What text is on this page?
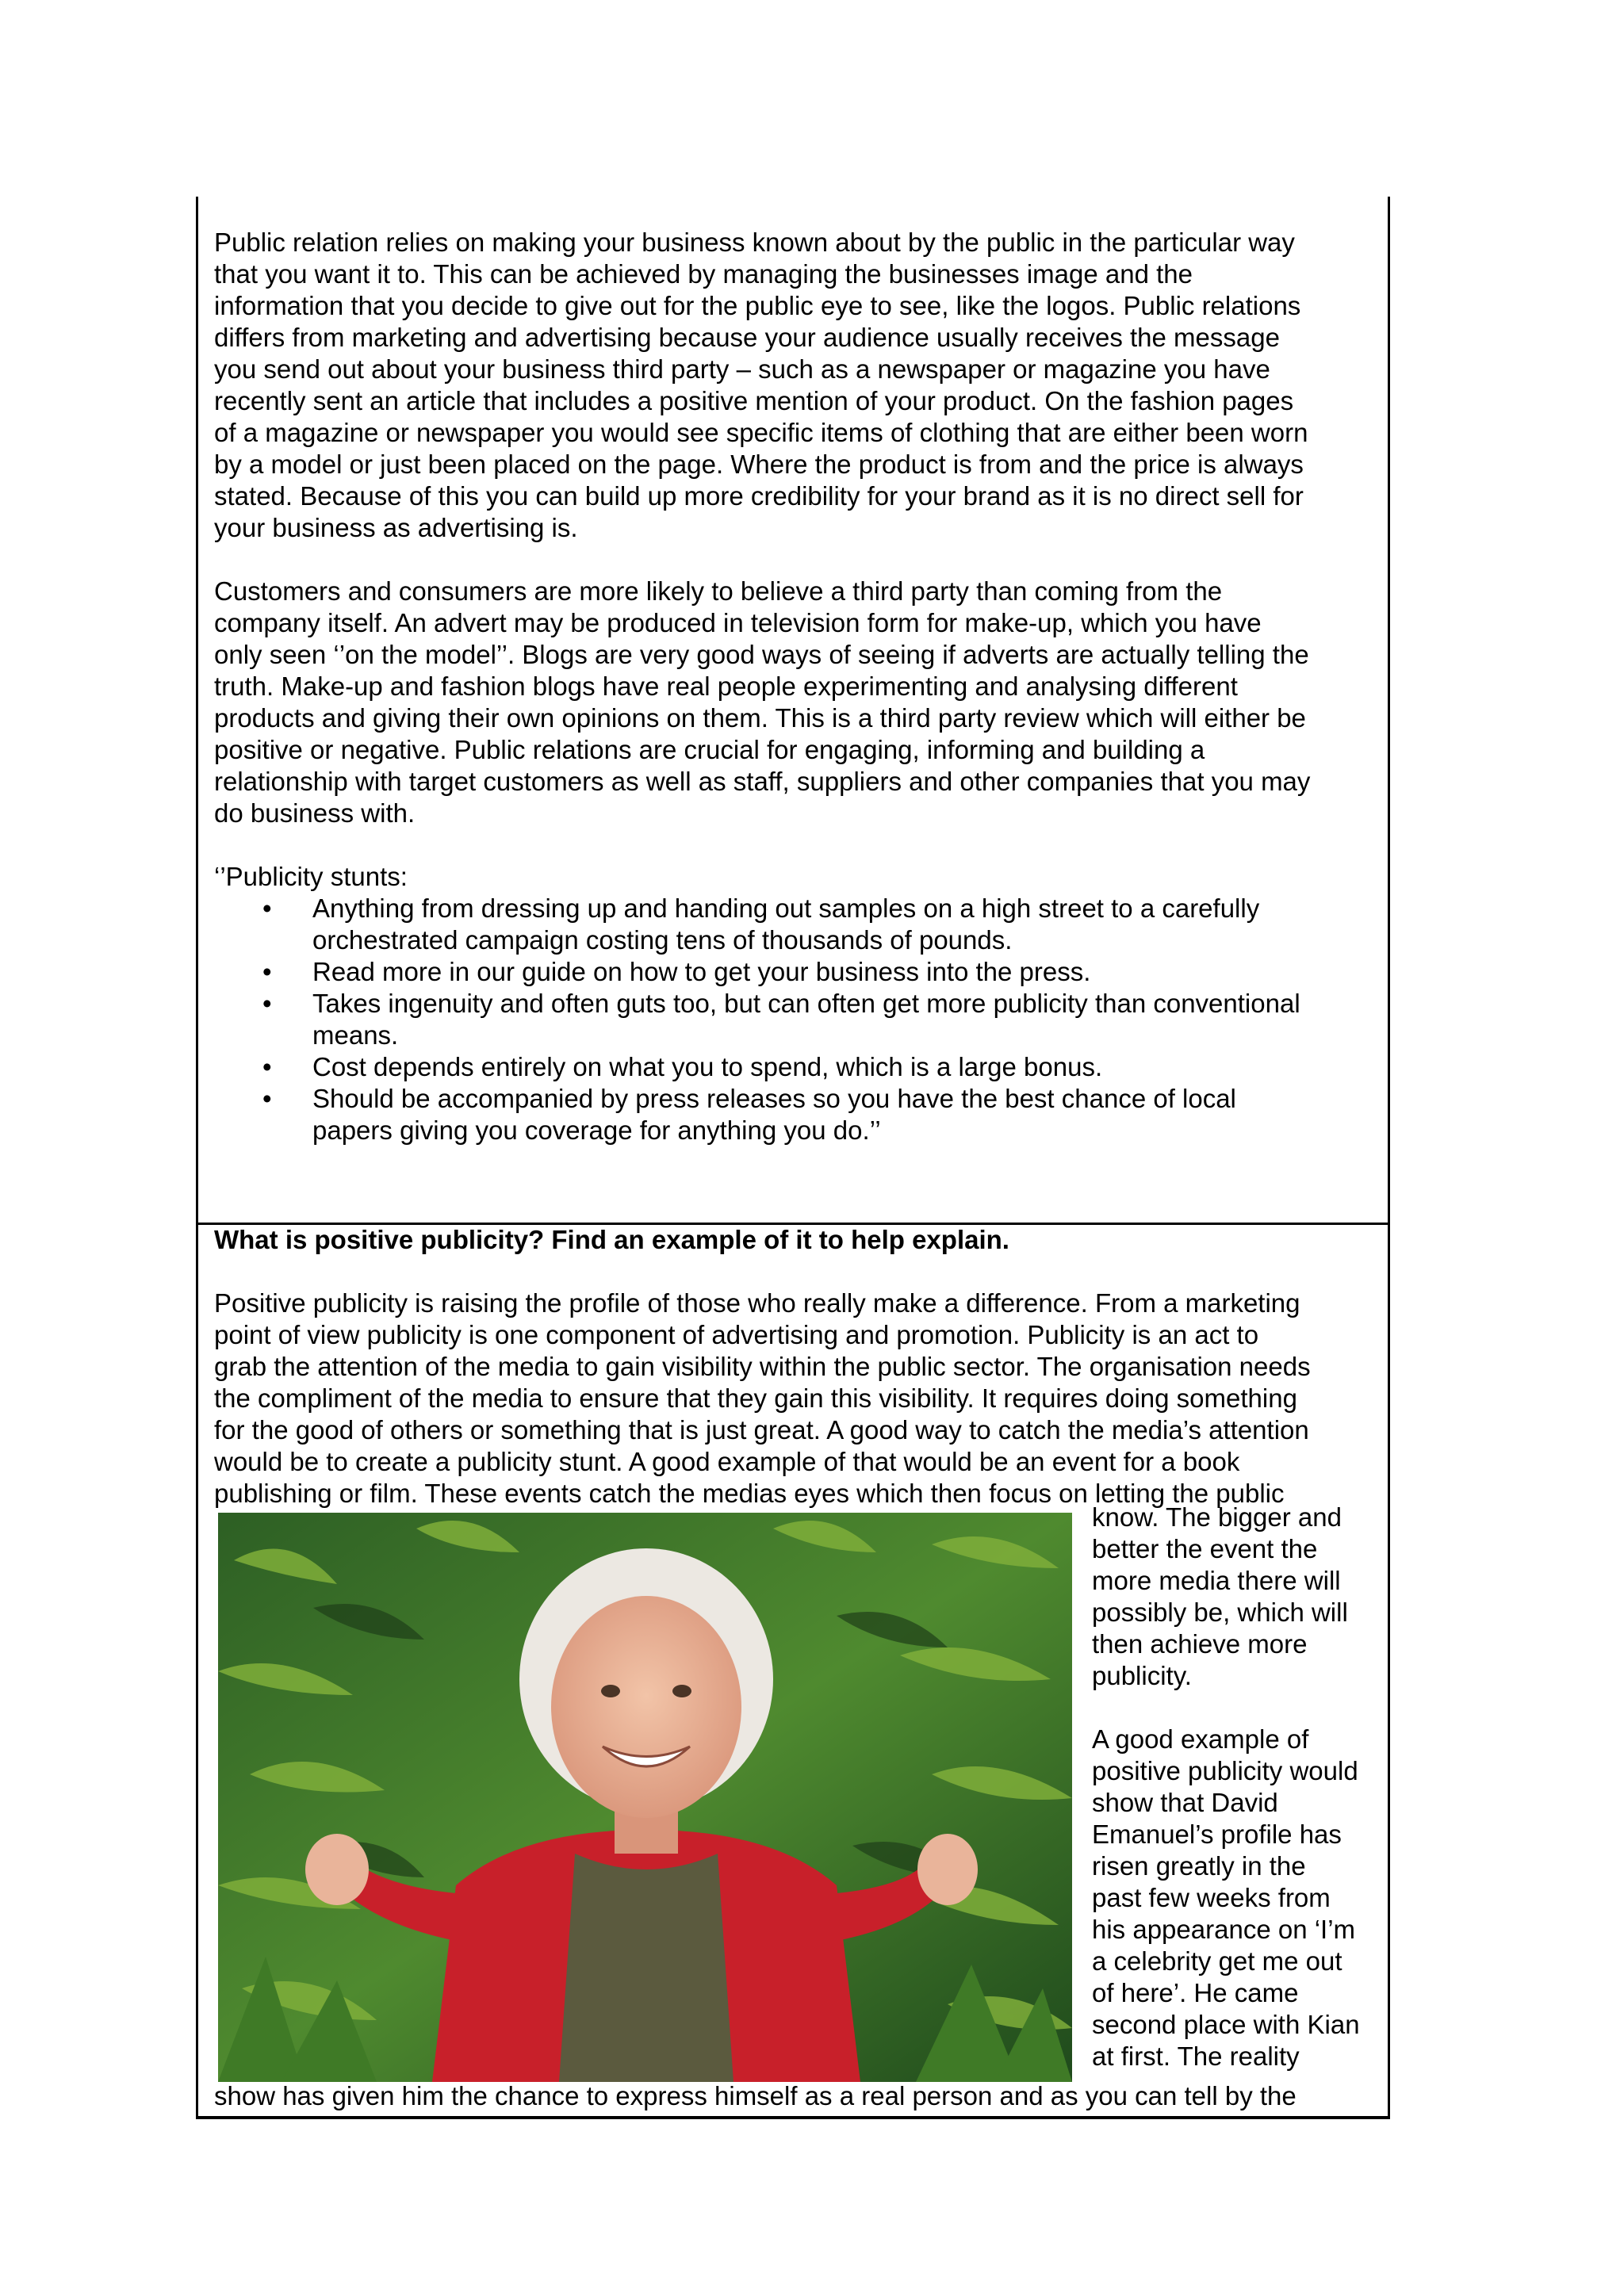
Public relation relies on making your business known about by the public in the particular way
that you want it to. This can be achieved by managing the businesses image and the
information that you decide to give out for the public eye to see, like the logos. Public relations
differs from marketing and advertising because your audience usually receives the message
you send out about your business third party – such as a newspaper or magazine you have
recently sent an article that includes a positive mention of your product. On the fashion pages
of a magazine or newspaper you would see specific items of clothing that are either been worn
by a model or just been placed on the page. Where the product is from and the price is always
stated. Because of this you can build up more credibility for your brand as it is no direct sell for
your business as advertising is.
Customers and consumers are more likely to believe a third party than coming from the
company itself. An advert may be produced in television form for make-up, which you have
only seen ‘’on the model’’. Blogs are very good ways of seeing if adverts are actually telling the
truth. Make-up and fashion blogs have real people experimenting and analysing different
products and giving their own opinions on them. This is a third party review which will either be
positive or negative. Public relations are crucial for engaging, informing and building a
relationship with target customers as well as staff, suppliers and other companies that you may
do business with.
‘’Publicity stunts:
• Anything from dressing up and handing out samples on a high street to a carefully
orchestrated campaign costing tens of thousands of pounds.
• Read more in our guide on how to get your business into the press.
• Takes ingenuity and often guts too, but can often get more publicity than conventional
means.
• Cost depends entirely on what you to spend, which is a large bonus.
• Should be accompanied by press releases so you have the best chance of local
papers giving you coverage for anything you do.’’
What is positive publicity? Find an example of it to help explain.
Positive publicity is raising the profile of those who really make a difference. From a marketing
point of view publicity is one component of advertising and promotion. Publicity is an act to
grab the attention of the media to gain visibility within the public sector. The organisation needs
the compliment of the media to ensure that they gain this visibility. It requires doing something
for the good of others or something that is just great. A good way to catch the media’s attention
would be to create a publicity stunt. A good example of that would be an event for a book
publishing or film. These events catch the medias eyes which then focus on letting the public
know. The bigger and
better the event the
more media there will
possibly be, which will
then achieve more
publicity.
A good example of
positive publicity would
show that David
Emanuel’s profile has
risen greatly in the
past few weeks from
his appearance on ‘I’m
a celebrity get me out
of here’. He came
second place with Kian
at first. The reality
show has given him the chance to express himself as a real person and as you can tell by the
